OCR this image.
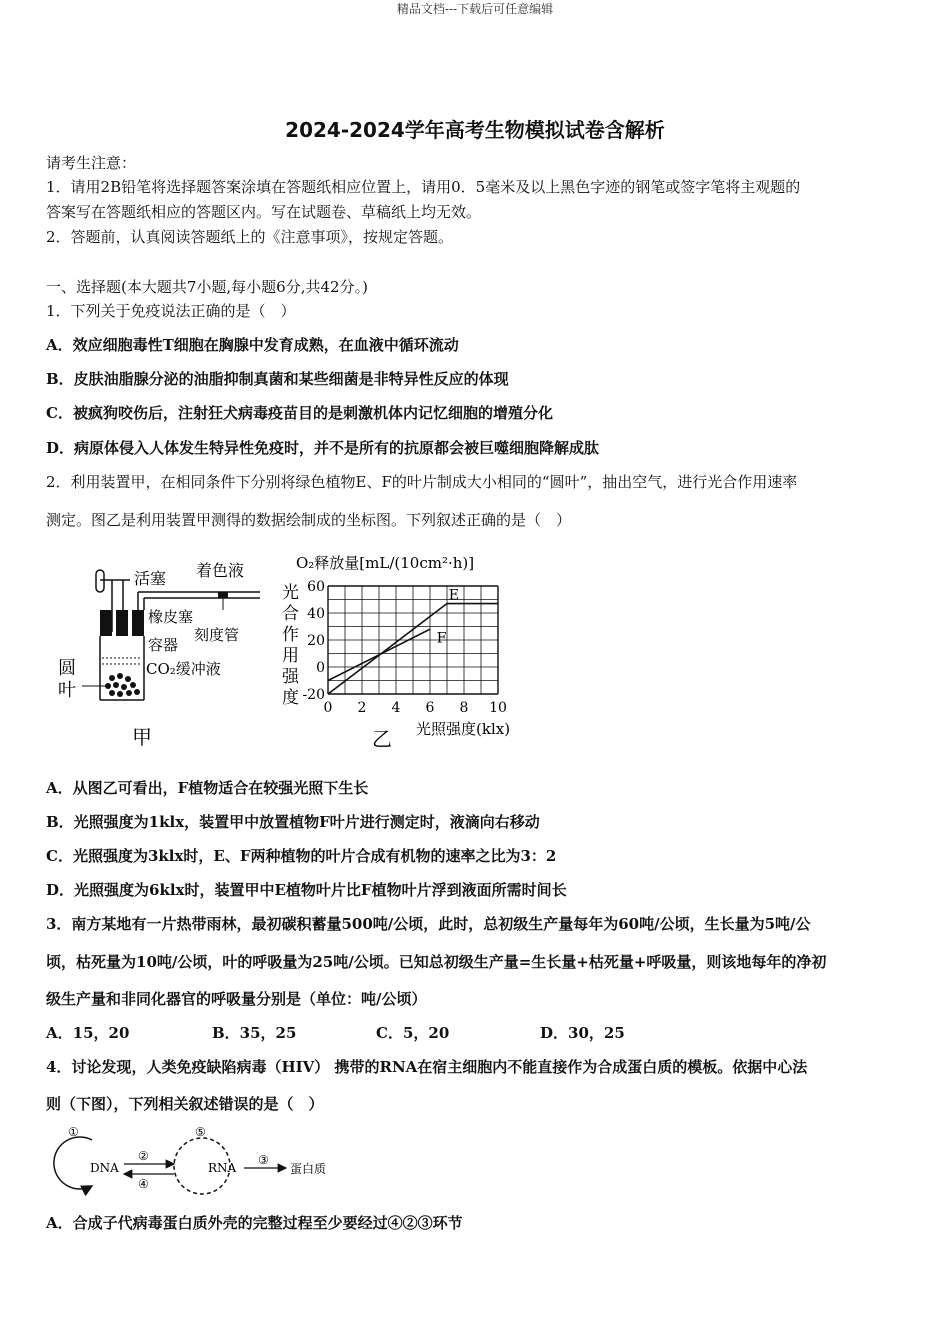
精品文档---下载后可任意编辑
2024-2024学年高考生物模拟试卷含解析
请考生注意：
1．请用2B铅笔将选择题答案涂填在答题纸相应位置上，请用0．5毫米及以上黑色字迹的钢笔或签字笔将主观题的
答案写在答题纸相应的答题区内。写在试题卷、草稿纸上均无效。
2．答题前，认真阅读答题纸上的《注意事项》，按规定答题。
一、选择题(本大题共7小题,每小题6分,共42分。)
1．下列关于免疫说法正确的是（　）
A．效应细胞毒性T细胞在胸腺中发育成熟，在血液中循环流动
B．皮肤油脂腺分泌的油脂抑制真菌和某些细菌是非特异性反应的体现
C．被疯狗咬伤后，注射狂犬病毒疫苗目的是刺激机体内记忆细胞的增殖分化
D．病原体侵入人体发生特异性免疫时，并不是所有的抗原都会被巨噬细胞降解成肽
2．利用装置甲，在相同条件下分别将绿色植物E、F的叶片制成大小相同的“圆叶”，抽出空气，进行光合作用速率
测定。图乙是利用装置甲测得的数据绘制成的坐标图。下列叙述正确的是（　）
活塞 着色液
橡皮塞
刻度管
容器
CO₂缓冲液
圆
叶
甲
O₂释放量[mL/(10cm²·h)]
光
合
作
用
强
度 0 2 4 6 8 10
-20
0
20
40
60
E
F
光照强度(klx)
乙
A．从图乙可看出，F植物适合在较强光照下生长
B．光照强度为1klx，装置甲中放置植物F叶片进行测定时，液滴向右移动
C．光照强度为3klx时，E、F两种植物的叶片合成有机物的速率之比为3：2
D．光照强度为6klx时，装置甲中E植物叶片比F植物叶片浮到液面所需时间长
3．南方某地有一片热带雨林，最初碳积蓄量500吨/公顷，此时，总初级生产量每年为60吨/公顷，生长量为5吨/公
顷，枯死量为10吨/公顷，叶的呼吸量为25吨/公顷。已知总初级生产量=生长量+枯死量+呼吸量，则该地每年的净初
级生产量和非同化器官的呼吸量分别是（单位：吨/公顷）
A．15，20	B．35，25	C．5，20	D．30，25
4．讨论发现，人类免疫缺陷病毒（HIV） 携带的RNA在宿主细胞内不能直接作为合成蛋白质的模板。依据中心法
则（下图），下列相关叙述错误的是（　）
①
DNA
②
④
⑤
RNA
③
蛋白质
A．合成子代病毒蛋白质外壳的完整过程至少要经过④②③环节
